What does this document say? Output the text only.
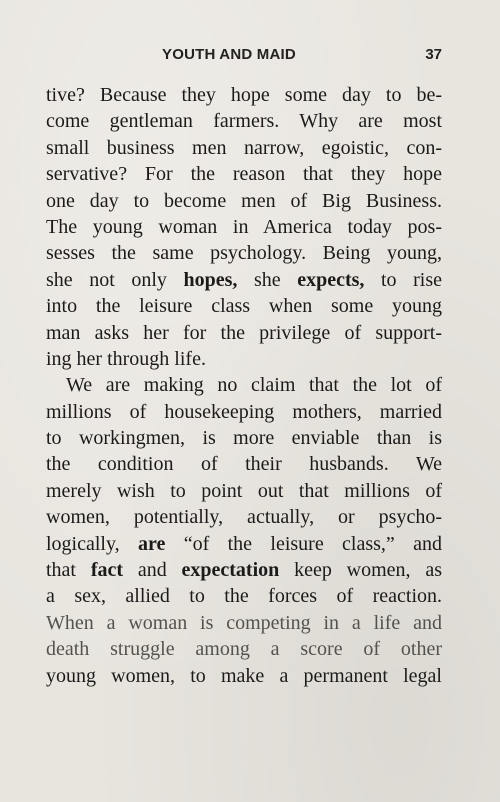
YOUTH AND MAID	37
tive? Because they hope some day to be-
come gentleman farmers. Why are most
small business men narrow, egoistic, con-
servative? For the reason that they hope
one day to become men of Big Business.
The young woman in America today pos-
sesses the same psychology. Being young,
she not only hopes, she expects, to rise
into the leisure class when some young
man asks her for the privilege of support-
ing her through life.
We are making no claim that the lot of
millions of housekeeping mothers, married
to workingmen, is more enviable than is
the condition of their husbands. We
merely wish to point out that millions of
women, potentially, actually, or psycho-
logically, are “of the leisure class,” and
that fact and expectation keep women, as
a sex, allied to the forces of reaction.
When a woman is competing in a life and
death struggle among a score of other
young women, to make a permanent legal
